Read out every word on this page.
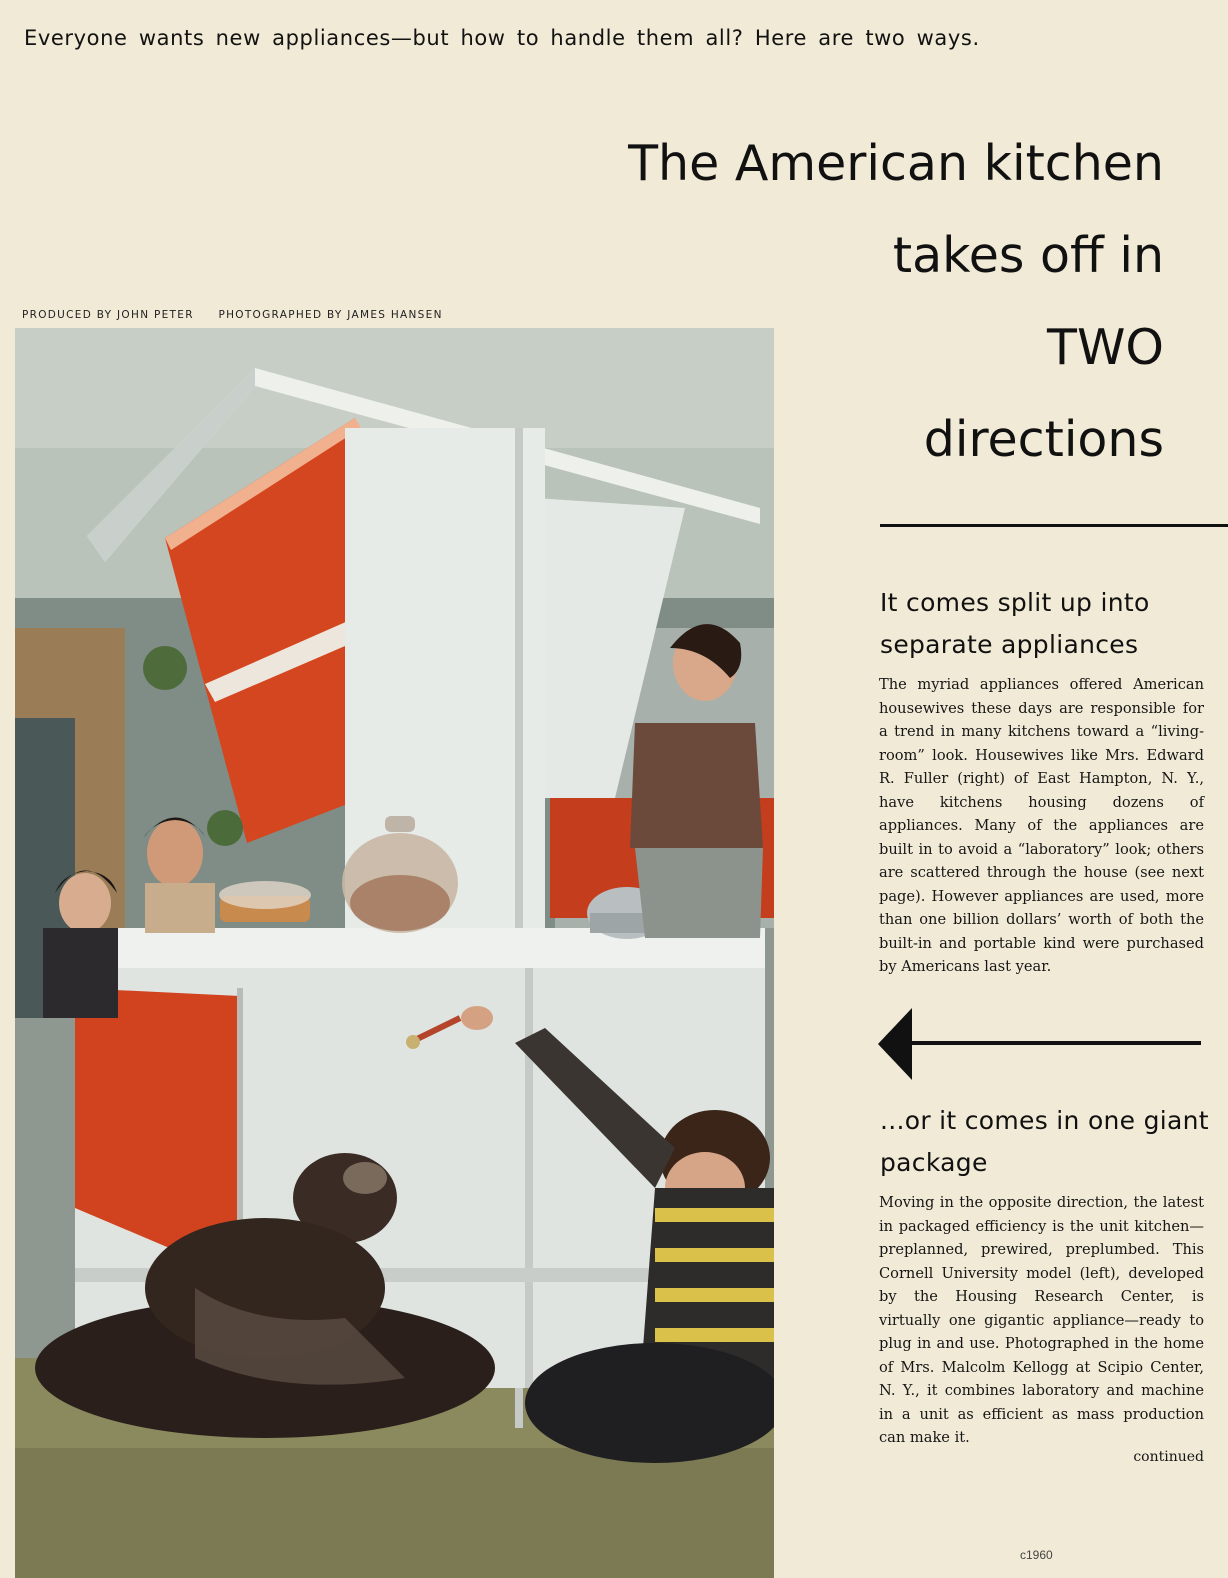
Everyone wants new appliances—but how to handle them all? Here are two ways.
The American kitchen
takes off in
TWO
directions
PRODUCED BY JOHN PETER PHOTOGRAPHED BY JAMES HANSEN
It comes split up into separate appliances
The myriad appliances offered American housewives these days are responsible for a trend in many kitchens toward a “living-room” look. Housewives like Mrs. Edward R. Fuller (right) of East Hampton, N. Y., have kitchens housing dozens of appliances. Many of the appliances are built in to avoid a “laboratory” look; others are scattered through the house (see next page). However appliances are used, more than one billion dollars’ worth of both the built-in and portable kind were purchased by Americans last year.
...or it comes in one giant package
Moving in the opposite direction, the latest in packaged efficiency is the unit kitchen—preplanned, prewired, preplumbed. This Cornell University model (left), developed by the Housing Research Center, is virtually one gigantic appliance—ready to plug in and use. Photographed in the home of Mrs. Malcolm Kellogg at Scipio Center, N. Y., it combines laboratory and machine in a unit as efficient as mass production can make it.
continued
c1960
